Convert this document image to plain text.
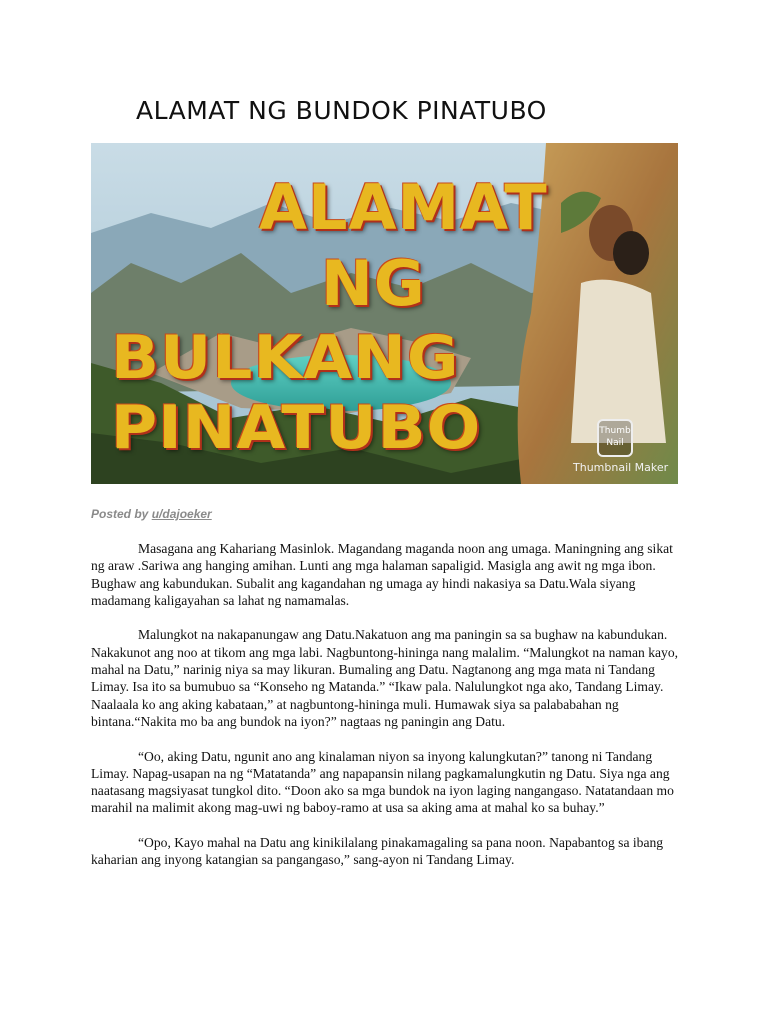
ALAMAT NG BUNDOK PINATUBO
ALAMAT
NG
BULKANG PINATUBO	Thumb
Nail
Thumbnail Maker
Posted by u/dajoeker

Masagana ang Kahariang Masinlok. Magandang maganda noon ang umaga. Maningning ang sikat ng araw .Sariwa ang hanging amihan. Lunti ang mga halaman sapaligid. Masigla ang awit ng mga ibon. Bughaw ang kabundukan. Subalit ang kagandahan ng umaga ay hindi nakasiya sa Datu.Wala siyang madamang kaligayahan sa lahat ng namamalas.

Malungkot na nakapanungaw ang Datu.Nakatuon ang ma paningin sa sa bughaw na kabundukan. Nakakunot ang noo at tikom ang mga labi. Nagbuntong-hininga nang malalim. “Malungkot na naman kayo, mahal na Datu,” narinig niya sa may likuran. Bumaling ang Datu. Nagtanong ang mga mata ni Tandang Limay. Isa ito sa bumubuo sa “Konseho ng Matanda.” “Ikaw pala. Nalulungkot nga ako, Tandang Limay. Naalaala ko ang aking kabataan,” at nagbuntong-hininga muli. Humawak siya sa palababahan ng bintana.“Nakita mo ba ang bundok na iyon?” nagtaas ng paningin ang Datu.

“Oo, aking Datu, ngunit ano ang kinalaman niyon sa inyong kalungkutan?” tanong ni Tandang Limay. Napag-usapan na ng “Matatanda” ang napapansin nilang pagkamalungkutin ng Datu. Siya nga ang naatasang magsiyasat tungkol dito. “Doon ako sa mga bundok na iyon laging nangangaso. Natatandaan mo marahil na malimit akong mag-uwi ng baboy-ramo at usa sa aking ama at mahal ko sa buhay.”

“Opo, Kayo mahal na Datu ang kinikilalang pinakamagaling sa pana noon. Napabantog sa ibang kaharian ang inyong katangian sa pangangaso,” sang-ayon ni Tandang Limay.
